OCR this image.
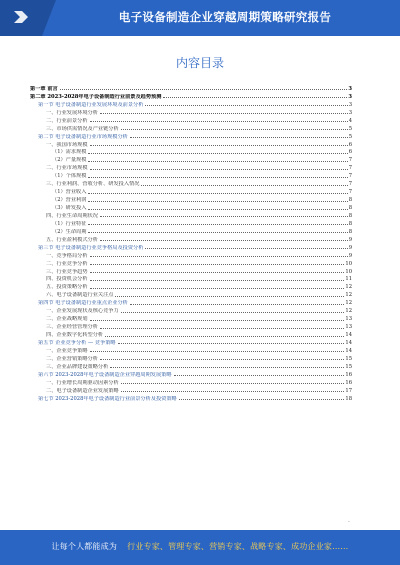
电子设备制造企业穿越周期策略研究报告
内容目录
第一章 前言	3
第二章 2023-2028年电子设备制造行业前景及趋势预测	3
第一节 电子设备制造行业发展环境及前景分析	3
一、行业发展环境分析	3
二、行业前景分析	4
三、市场供需情况及产业链分析	5
第二节 电子设备制造行业市场规模分析	5
一、我国市场规模	6
（1）需求规模	6
（2）产量规模	7
二、行业市场规模	7
（1）个体规模	7
三、行业利润、营收分析、研发投入情况	7
（1）营业收入	7
（2）营业利润	8
（3）研发投入	8
四、行业生命周期状况	8
（1）行业特征	8
（2）生命周期	8
五、行业盈利模式分析	9
第三节 电子设备制造行业竞争格局及投资分析	9
一、竞争格局分析	9
二、行业竞争分析	10
三、行业竞争趋势	10
四、投资机会分析	11
五、投资策略分析	12
六、电子设备制造行业关注点	12
第四节 电子设备制造行业重点企业分析	12
一、企业发展现状及核心竞争力	12
二、企业战略规划	13
三、企业经营管理分析	13
四、企业数字化转型分析	14
第五节 企业竞争分析 — 竞争策略	14
一、企业竞争策略	14
二、企业营销策略分析	15
三、企业品牌建设策略分析	15
第六节 2023-2028年电子设备制造企业穿越周期发展策略	16
一、行业增长周期驱动因素分析	16
二、电子设备制造企业发展策略	17
第七节 2023-2028年电子设备制造行业前景分析及投资策略	18
.
让每个人都能成为 行业专家、管理专家、营销专家、战略专家、成功企业家……
